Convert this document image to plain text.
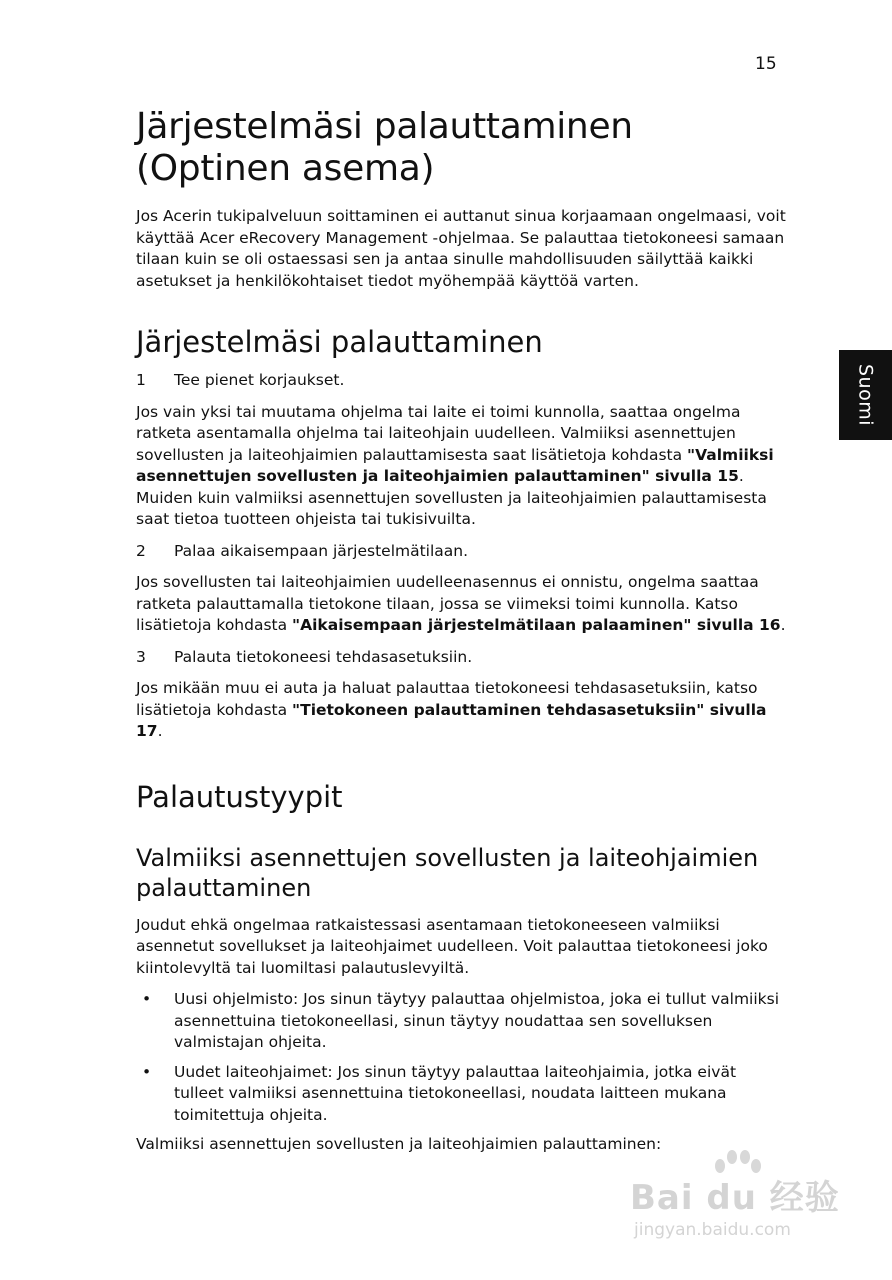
15
Suomi
Järjestelmäsi palauttaminen
(Optinen asema)

Jos Acerin tukipalveluun soittaminen ei auttanut sinua korjaamaan ongelmaasi, voit käyttää Acer eRecovery Management -ohjelmaa. Se palauttaa tietokoneesi samaan tilaan kuin se oli ostaessasi sen ja antaa sinulle mahdollisuuden säilyttää kaikki asetukset ja henkilökohtaiset tiedot myöhempää käyttöä varten.

Järjestelmäsi palauttaminen
1	Tee pienet korjaukset.

Jos vain yksi tai muutama ohjelma tai laite ei toimi kunnolla, saattaa ongelma ratketa asentamalla ohjelma tai laiteohjain uudelleen. Valmiiksi asennettujen sovellusten ja laiteohjaimien palauttamisesta saat lisätietoja kohdasta "Valmiiksi asennettujen sovellusten ja laiteohjaimien palauttaminen" sivulla 15. Muiden kuin valmiiksi asennettujen sovellusten ja laiteohjaimien palauttamisesta saat tietoa tuotteen ohjeista tai tukisivuilta.

2	Palaa aikaisempaan järjestelmätilaan.

Jos sovellusten tai laiteohjaimien uudelleenasennus ei onnistu, ongelma saattaa ratketa palauttamalla tietokone tilaan, jossa se viimeksi toimi kunnolla. Katso lisätietoja kohdasta "Aikaisempaan järjestelmätilaan palaaminen" sivulla 16.

3	Palauta tietokoneesi tehdasasetuksiin.

Jos mikään muu ei auta ja haluat palauttaa tietokoneesi tehdasasetuksiin, katso lisätietoja kohdasta "Tietokoneen palauttaminen tehdasasetuksiin" sivulla 17.

Palautustyypit
Valmiiksi asennettujen sovellusten ja laiteohjaimien palauttaminen

Joudut ehkä ongelmaa ratkaistessasi asentamaan tietokoneeseen valmiiksi asennetut sovellukset ja laiteohjaimet uudelleen. Voit palauttaa tietokoneesi joko kiintolevyltä tai luomiltasi palautuslevyiltä.

•	Uusi ohjelmisto: Jos sinun täytyy palauttaa ohjelmistoa, joka ei tullut valmiiksi asennettuina tietokoneellasi, sinun täytyy noudattaa sen sovelluksen valmistajan ohjeita.
•	Uudet laiteohjaimet: Jos sinun täytyy palauttaa laiteohjaimia, jotka eivät tulleet valmiiksi asennettuina tietokoneellasi, noudata laitteen mukana toimitettuja ohjeita.

Valmiiksi asennettujen sovellusten ja laiteohjaimien palauttaminen:

Bai du 经验
jingyan.baidu.com
